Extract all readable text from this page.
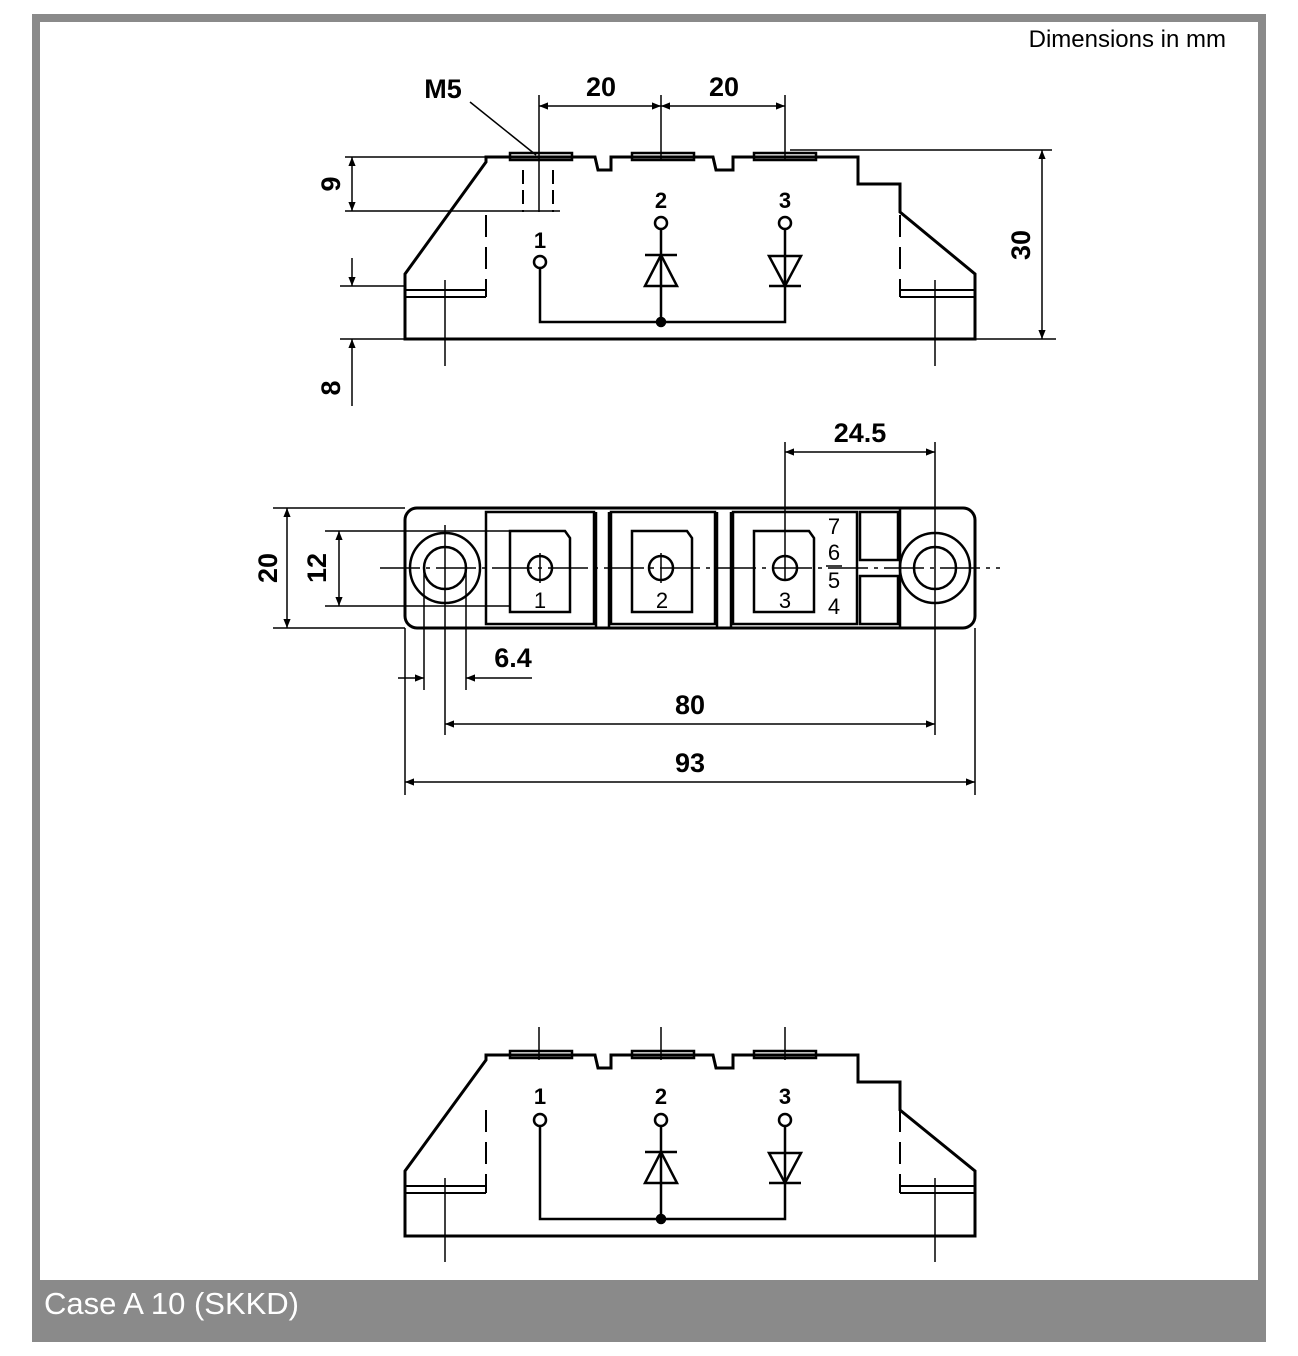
M5	20	20
9
8
30
1
2	3
24.5
20 12
6.4
80
93
1	2	3
7
6
5
4
1	2	3
Dimensions in mm
Case A 10 (SKKD)
